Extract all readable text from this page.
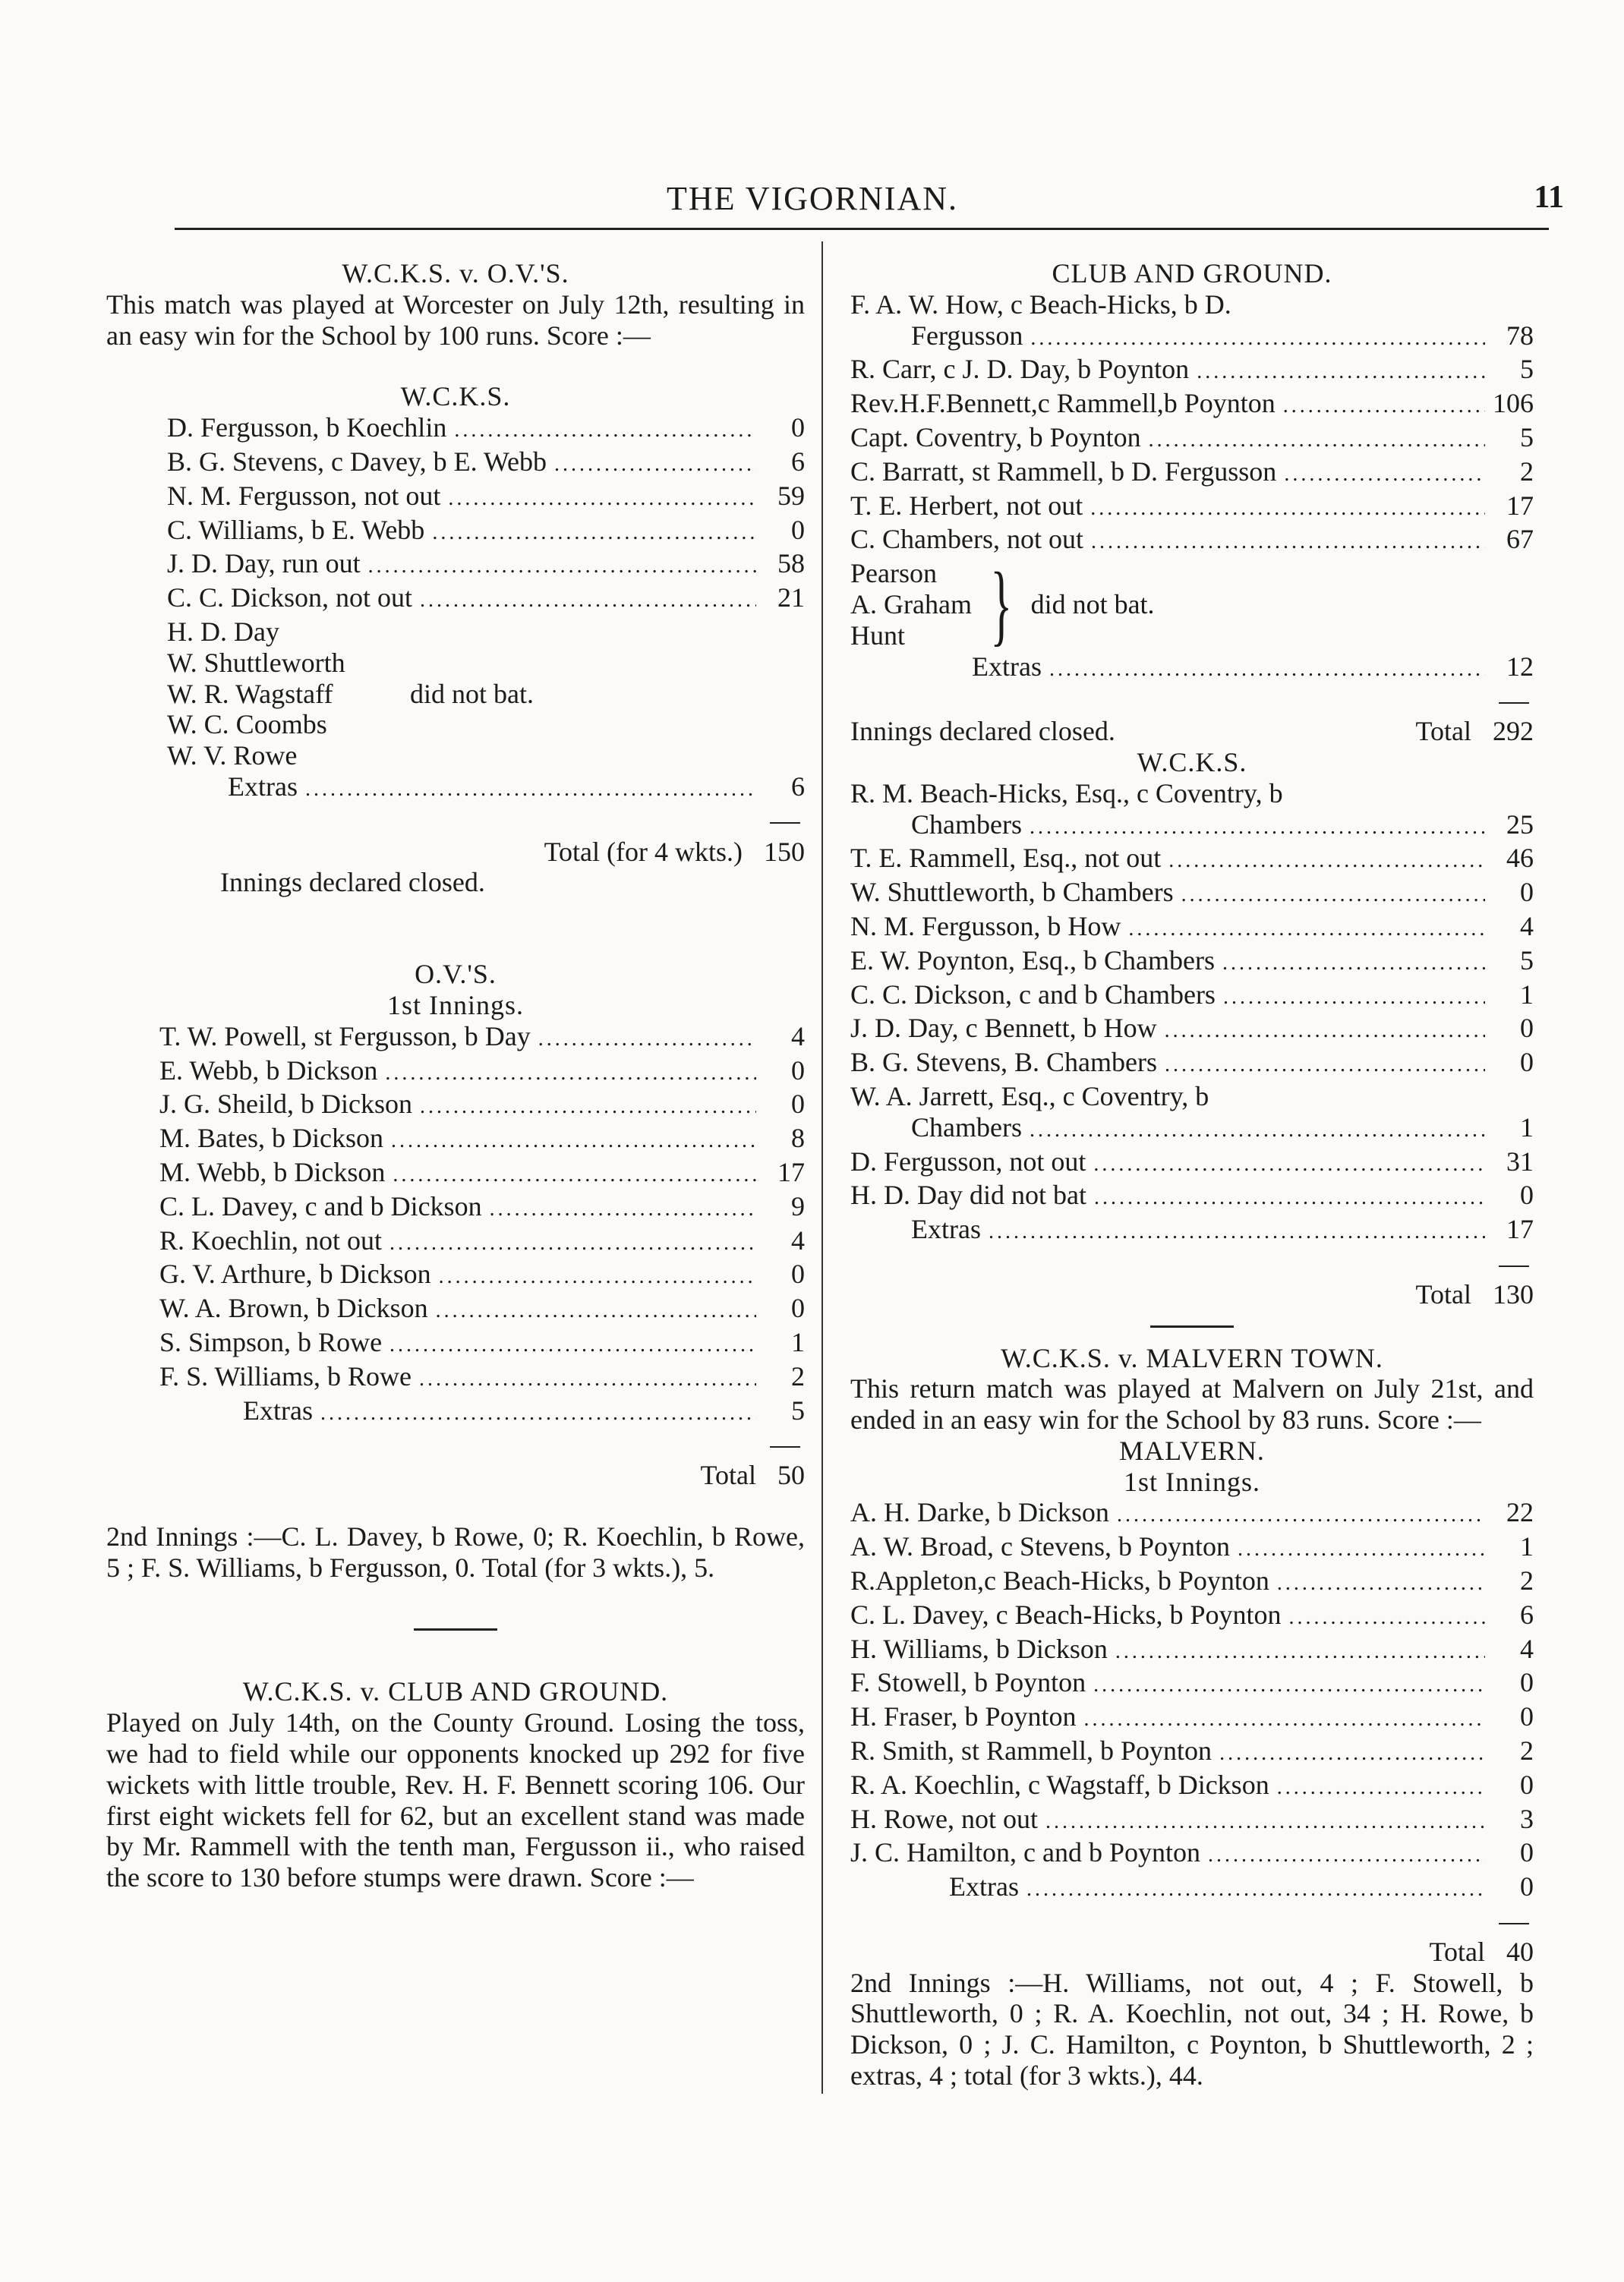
THE VIGORNIAN.	11
W.C.K.S. v. O.V.'S.
This match was played at Worcester on July 12th, resulting in an easy win for the School by 100 runs. Score :—
W.C.K.S.
D. Fergusson, b Koechlin .....	0
B. G. Stevens, c Davey, b E. Webb .....	6
N. M. Fergusson, not out .....	59
C. Williams, b E. Webb .....	0
J. D. Day, run out .....	58
C. C. Dickson, not out .....	21
H. D. Day
W. Shuttleworth
W. R. Wagstaff
W. C. Coombs
W. V. Rowe
did not bat.
Extras .....	6
Total (for 4 wkts.) 150
Innings declared closed.
O.V.'S.
1st Innings.
T. W. Powell, st Fergusson, b Day .....	4
E. Webb, b Dickson .....	0
J. G. Sheild, b Dickson .....	0
M. Bates, b Dickson .....	8
M. Webb, b Dickson .....	17
C. L. Davey, c and b Dickson .....	9
R. Koechlin, not out .....	4
G. V. Arthure, b Dickson .....	0
W. A. Brown, b Dickson .....	0
S. Simpson, b Rowe .....	1
F. S. Williams, b Rowe .....	2
Extras .....	5
Total 50
2nd Innings :—C. L. Davey, b Rowe, 0; R. Koechlin, b Rowe, 5 ; F. S. Williams, b Fergusson, 0. Total (for 3 wkts.), 5.
W.C.K.S. v. CLUB AND GROUND.
Played on July 14th, on the County Ground. Losing the toss, we had to field while our opponents knocked up 292 for five wickets with little trouble, Rev. H. F. Bennett scoring 106. Our first eight wickets fell for 62, but an excellent stand was made by Mr. Rammell with the tenth man, Fergusson ii., who raised the score to 130 before stumps were drawn. Score :—
CLUB AND GROUND.
F. A. W. How, c Beach-Hicks, b D.
Fergusson .....	78
R. Carr, c J. D. Day, b Poynton .....	5
Rev.H.F.Bennett,c Rammell,b Poynton .....	106
Capt. Coventry, b Poynton .....	5
C. Barratt, st Rammell, b D. Fergusson .....	2
T. E. Herbert, not out .....	17
C. Chambers, not out .....	67
Pearson
A. Graham
Hunt } did not bat.
Extras .....	12
Innings declared closed.	Total 292
W.C.K.S.
R. M. Beach-Hicks, Esq., c Coventry, b
Chambers .....	25
T. E. Rammell, Esq., not out .....	46
W. Shuttleworth, b Chambers .....	0
N. M. Fergusson, b How .....	4
E. W. Poynton, Esq., b Chambers .....	5
C. C. Dickson, c and b Chambers .....	1
J. D. Day, c Bennett, b How .....	0
B. G. Stevens, B. Chambers .....	0
W. A. Jarrett, Esq., c Coventry, b
Chambers .....	1
D. Fergusson, not out .....	31
H. D. Day did not bat .....	0
Extras .....	17
Total 130
W.C.K.S. v. MALVERN TOWN.
This return match was played at Malvern on July 21st, and ended in an easy win for the School by 83 runs. Score :—
MALVERN.
1st Innings.
A. H. Darke, b Dickson .....	22
A. W. Broad, c Stevens, b Poynton .....	1
R.Appleton,c Beach-Hicks, b Poynton .....	2
C. L. Davey, c Beach-Hicks, b Poynton .....	6
H. Williams, b Dickson .....	4
F. Stowell, b Poynton .....	0
H. Fraser, b Poynton .....	0
R. Smith, st Rammell, b Poynton .....	2
R. A. Koechlin, c Wagstaff, b Dickson .....	0
H. Rowe, not out .....	3
J. C. Hamilton, c and b Poynton .....	0
Extras .....	0
Total 40
2nd Innings :—H. Williams, not out, 4 ; F. Stowell, b Shuttleworth, 0 ; R. A. Koechlin, not out, 34 ; H. Rowe, b Dickson, 0 ; J. C. Hamilton, c Poynton, b Shuttleworth, 2 ; extras, 4 ; total (for 3 wkts.), 44.
